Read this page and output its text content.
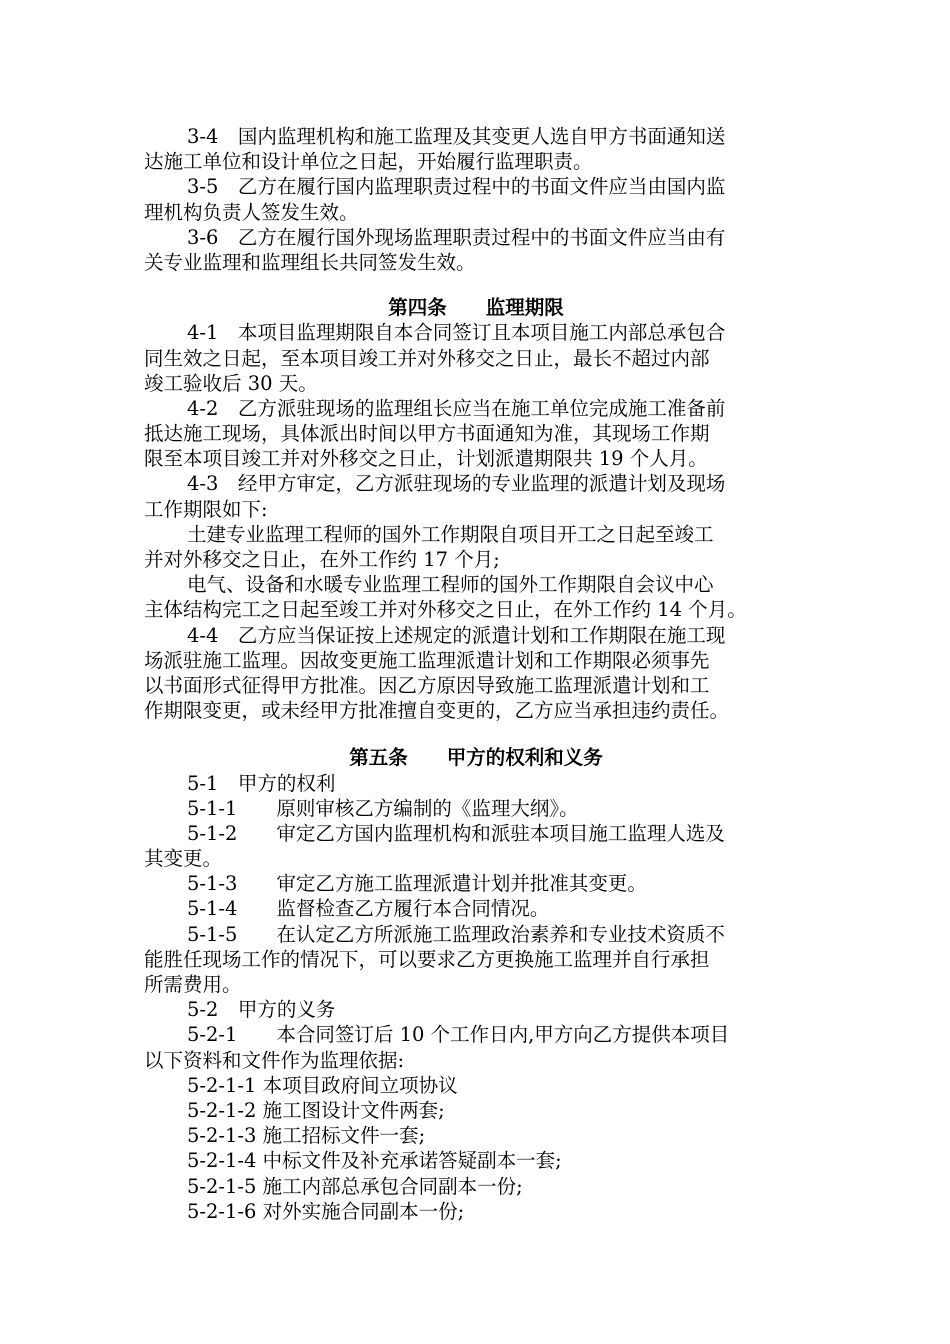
3-4　国内监理机构和施工监理及其变更人选自甲方书面通知送
达施工单位和设计单位之日起，开始履行监理职责。
3-5　乙方在履行国内监理职责过程中的书面文件应当由国内监
理机构负责人签发生效。
3-6　乙方在履行国外现场监理职责过程中的书面文件应当由有
关专业监理和监理组长共同签发生效。
第四条　　监理期限
4-1　本项目监理期限自本合同签订且本项目施工内部总承包合
同生效之日起，至本项目竣工并对外移交之日止，最长不超过内部
竣工验收后 30 天。
4-2　乙方派驻现场的监理组长应当在施工单位完成施工准备前
抵达施工现场，具体派出时间以甲方书面通知为准，其现场工作期
限至本项目竣工并对外移交之日止，计划派遣期限共 19 个人月。
4-3　经甲方审定，乙方派驻现场的专业监理的派遣计划及现场
工作期限如下:
土建专业监理工程师的国外工作期限自项目开工之日起至竣工
并对外移交之日止，在外工作约 17 个月;
电气、设备和水暖专业监理工程师的国外工作期限自会议中心
主体结构完工之日起至竣工并对外移交之日止，在外工作约 14 个月。
4-4　乙方应当保证按上述规定的派遣计划和工作期限在施工现
场派驻施工监理。因故变更施工监理派遣计划和工作期限必须事先
以书面形式征得甲方批准。因乙方原因导致施工监理派遣计划和工
作期限变更，或未经甲方批准擅自变更的，乙方应当承担违约责任。
第五条　　甲方的权利和义务
5-1　甲方的权利
5-1-1　　原则审核乙方编制的《监理大纲》。
5-1-2　　审定乙方国内监理机构和派驻本项目施工监理人选及
其变更。
5-1-3　　审定乙方施工监理派遣计划并批准其变更。
5-1-4　　监督检查乙方履行本合同情况。
5-1-5　　在认定乙方所派施工监理政治素养和专业技术资质不
能胜任现场工作的情况下，可以要求乙方更换施工监理并自行承担
所需费用。
5-2　甲方的义务
5-2-1　　本合同签订后 10 个工作日内,甲方向乙方提供本项目
以下资料和文件作为监理依据:
5-2-1-1 本项目政府间立项协议
5-2-1-2 施工图设计文件两套;
5-2-1-3 施工招标文件一套;
5-2-1-4 中标文件及补充承诺答疑副本一套;
5-2-1-5 施工内部总承包合同副本一份;
5-2-1-6 对外实施合同副本一份;
